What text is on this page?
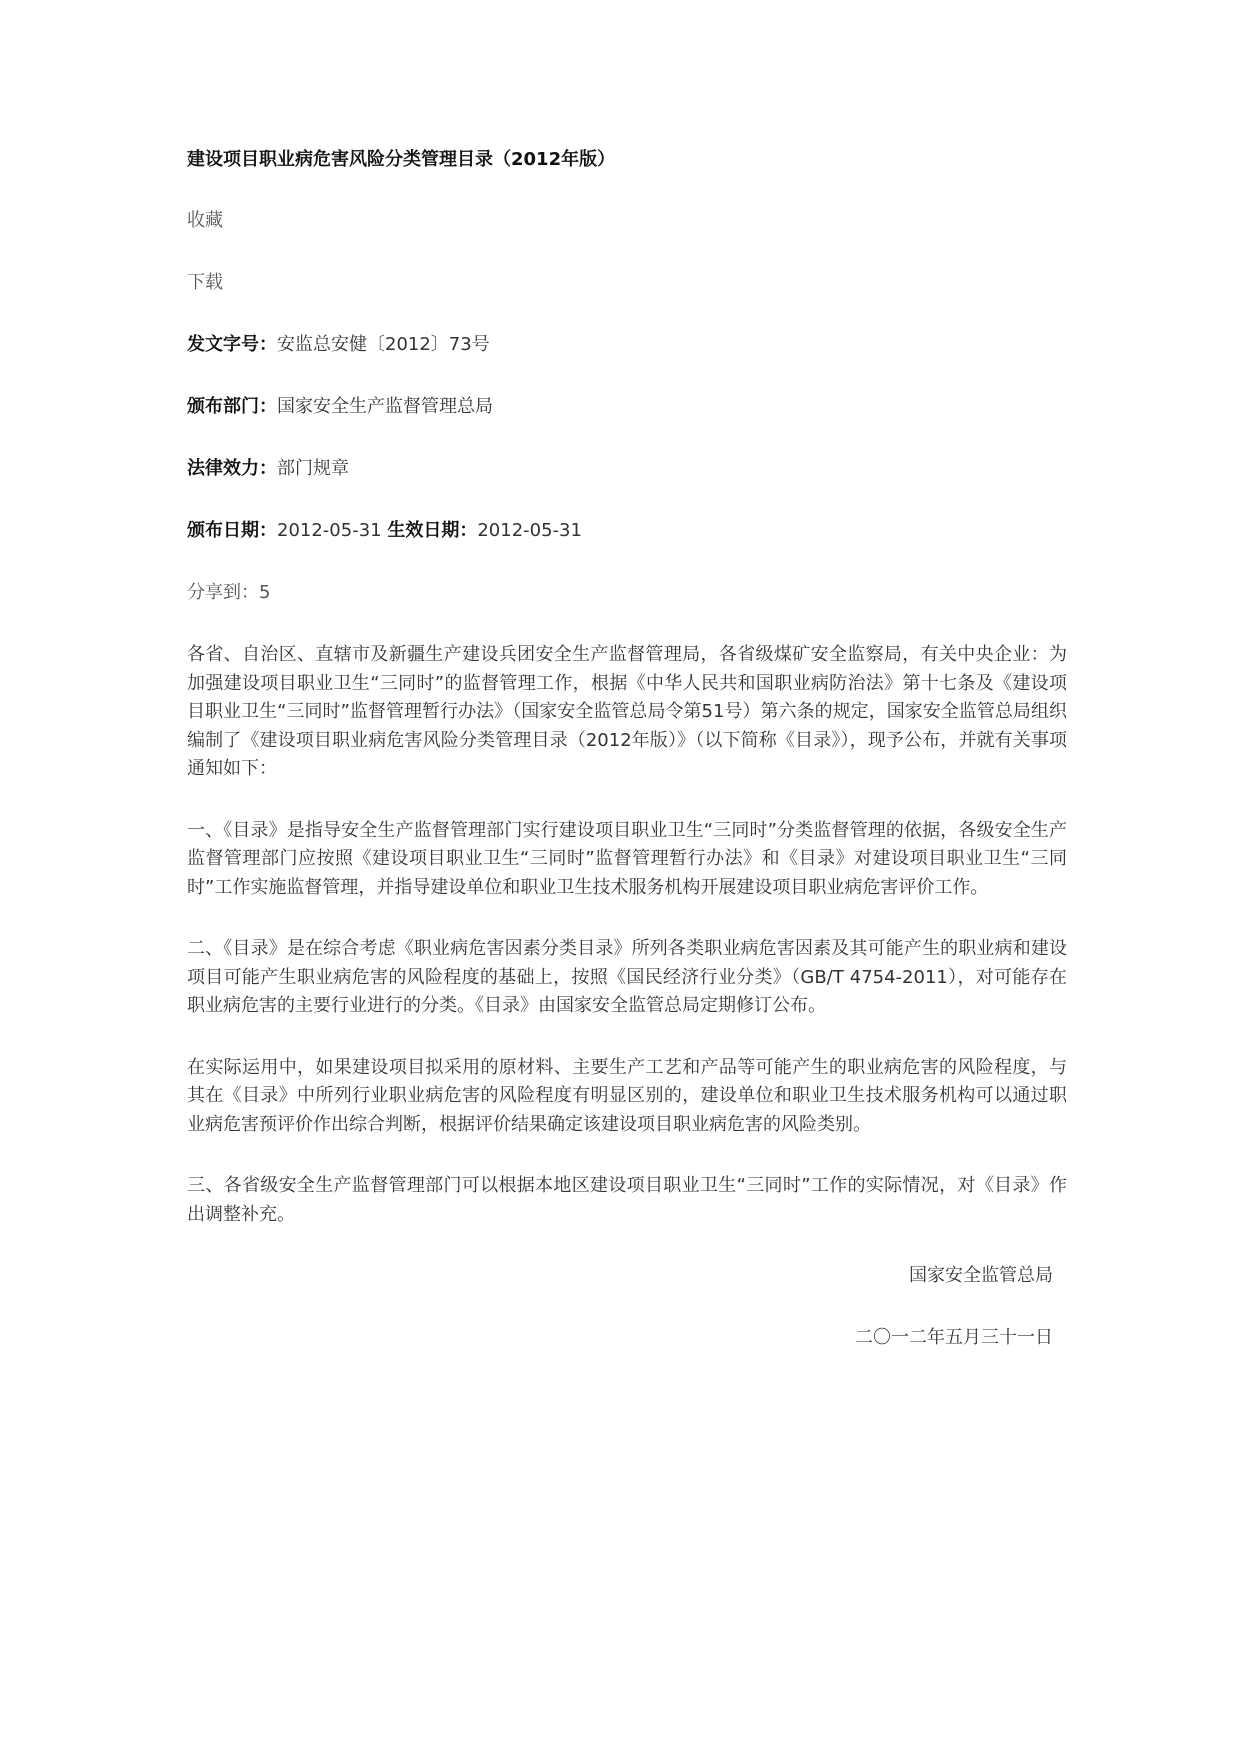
建设项目职业病危害风险分类管理目录（2012年版）
收藏
下载
发文字号：安监总安健〔2012〕73号
颁布部门：国家安全生产监督管理总局
法律效力：部门规章
颁布日期：2012-05-31 生效日期：2012-05-31
分享到：5

各省、自治区、直辖市及新疆生产建设兵团安全生产监督管理局，各省级煤矿安全监察局，有关中央企业：为加强建设项目职业卫生“三同时”的监督管理工作，根据《中华人民共和国职业病防治法》第十七条及《建设项目职业卫生“三同时”监督管理暂行办法》（国家安全监管总局令第51号）第六条的规定，国家安全监管总局组织编制了《建设项目职业病危害风险分类管理目录（2012年版）》（以下简称《目录》），现予公布，并就有关事项通知如下：

一、《目录》是指导安全生产监督管理部门实行建设项目职业卫生“三同时”分类监督管理的依据，各级安全生产监督管理部门应按照《建设项目职业卫生“三同时”监督管理暂行办法》和《目录》对建设项目职业卫生“三同时”工作实施监督管理，并指导建设单位和职业卫生技术服务机构开展建设项目职业病危害评价工作。

二、《目录》是在综合考虑《职业病危害因素分类目录》所列各类职业病危害因素及其可能产生的职业病和建设项目可能产生职业病危害的风险程度的基础上，按照《国民经济行业分类》（GB/T 4754-2011），对可能存在职业病危害的主要行业进行的分类。《目录》由国家安全监管总局定期修订公布。

在实际运用中，如果建设项目拟采用的原材料、主要生产工艺和产品等可能产生的职业病危害的风险程度，与其在《目录》中所列行业职业病危害的风险程度有明显区别的，建设单位和职业卫生技术服务机构可以通过职业病危害预评价作出综合判断，根据评价结果确定该建设项目职业病危害的风险类别。

三、各省级安全生产监督管理部门可以根据本地区建设项目职业卫生“三同时”工作的实际情况，对《目录》作出调整补充。

国家安全监管总局
二〇一二年五月三十一日
